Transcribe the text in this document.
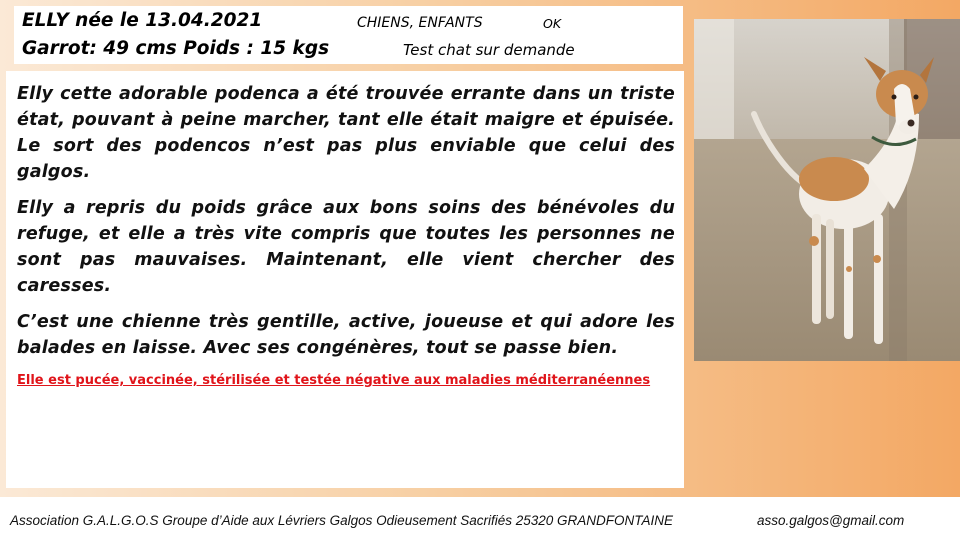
ELLY née le 13.04.2021	CHIENS, ENFANTS	OK
Garrot: 49 cms Poids : 15 kgs	Test chat sur demande

Elly cette adorable podenca a été trouvée errante dans un triste état, pouvant à peine marcher, tant elle était maigre et épuisée. Le sort des podencos n’est pas plus enviable que celui des galgos.

Elly a repris du poids grâce aux bons soins des bénévoles du refuge, et elle a très vite compris que toutes les personnes ne sont pas mauvaises. Maintenant, elle vient chercher des caresses.

C’est une chienne très gentille, active, joueuse et qui adore les balades en laisse. Avec ses congénères, tout se passe bien.

Elle est pucée, vaccinée, stérilisée et testée négative aux maladies méditerranéennes
Association G.A.L.G.O.S Groupe d’Aide aux Lévriers Galgos Odieusement Sacrifiés 25320 GRANDFONTAINE	asso.galgos@gmail.com
